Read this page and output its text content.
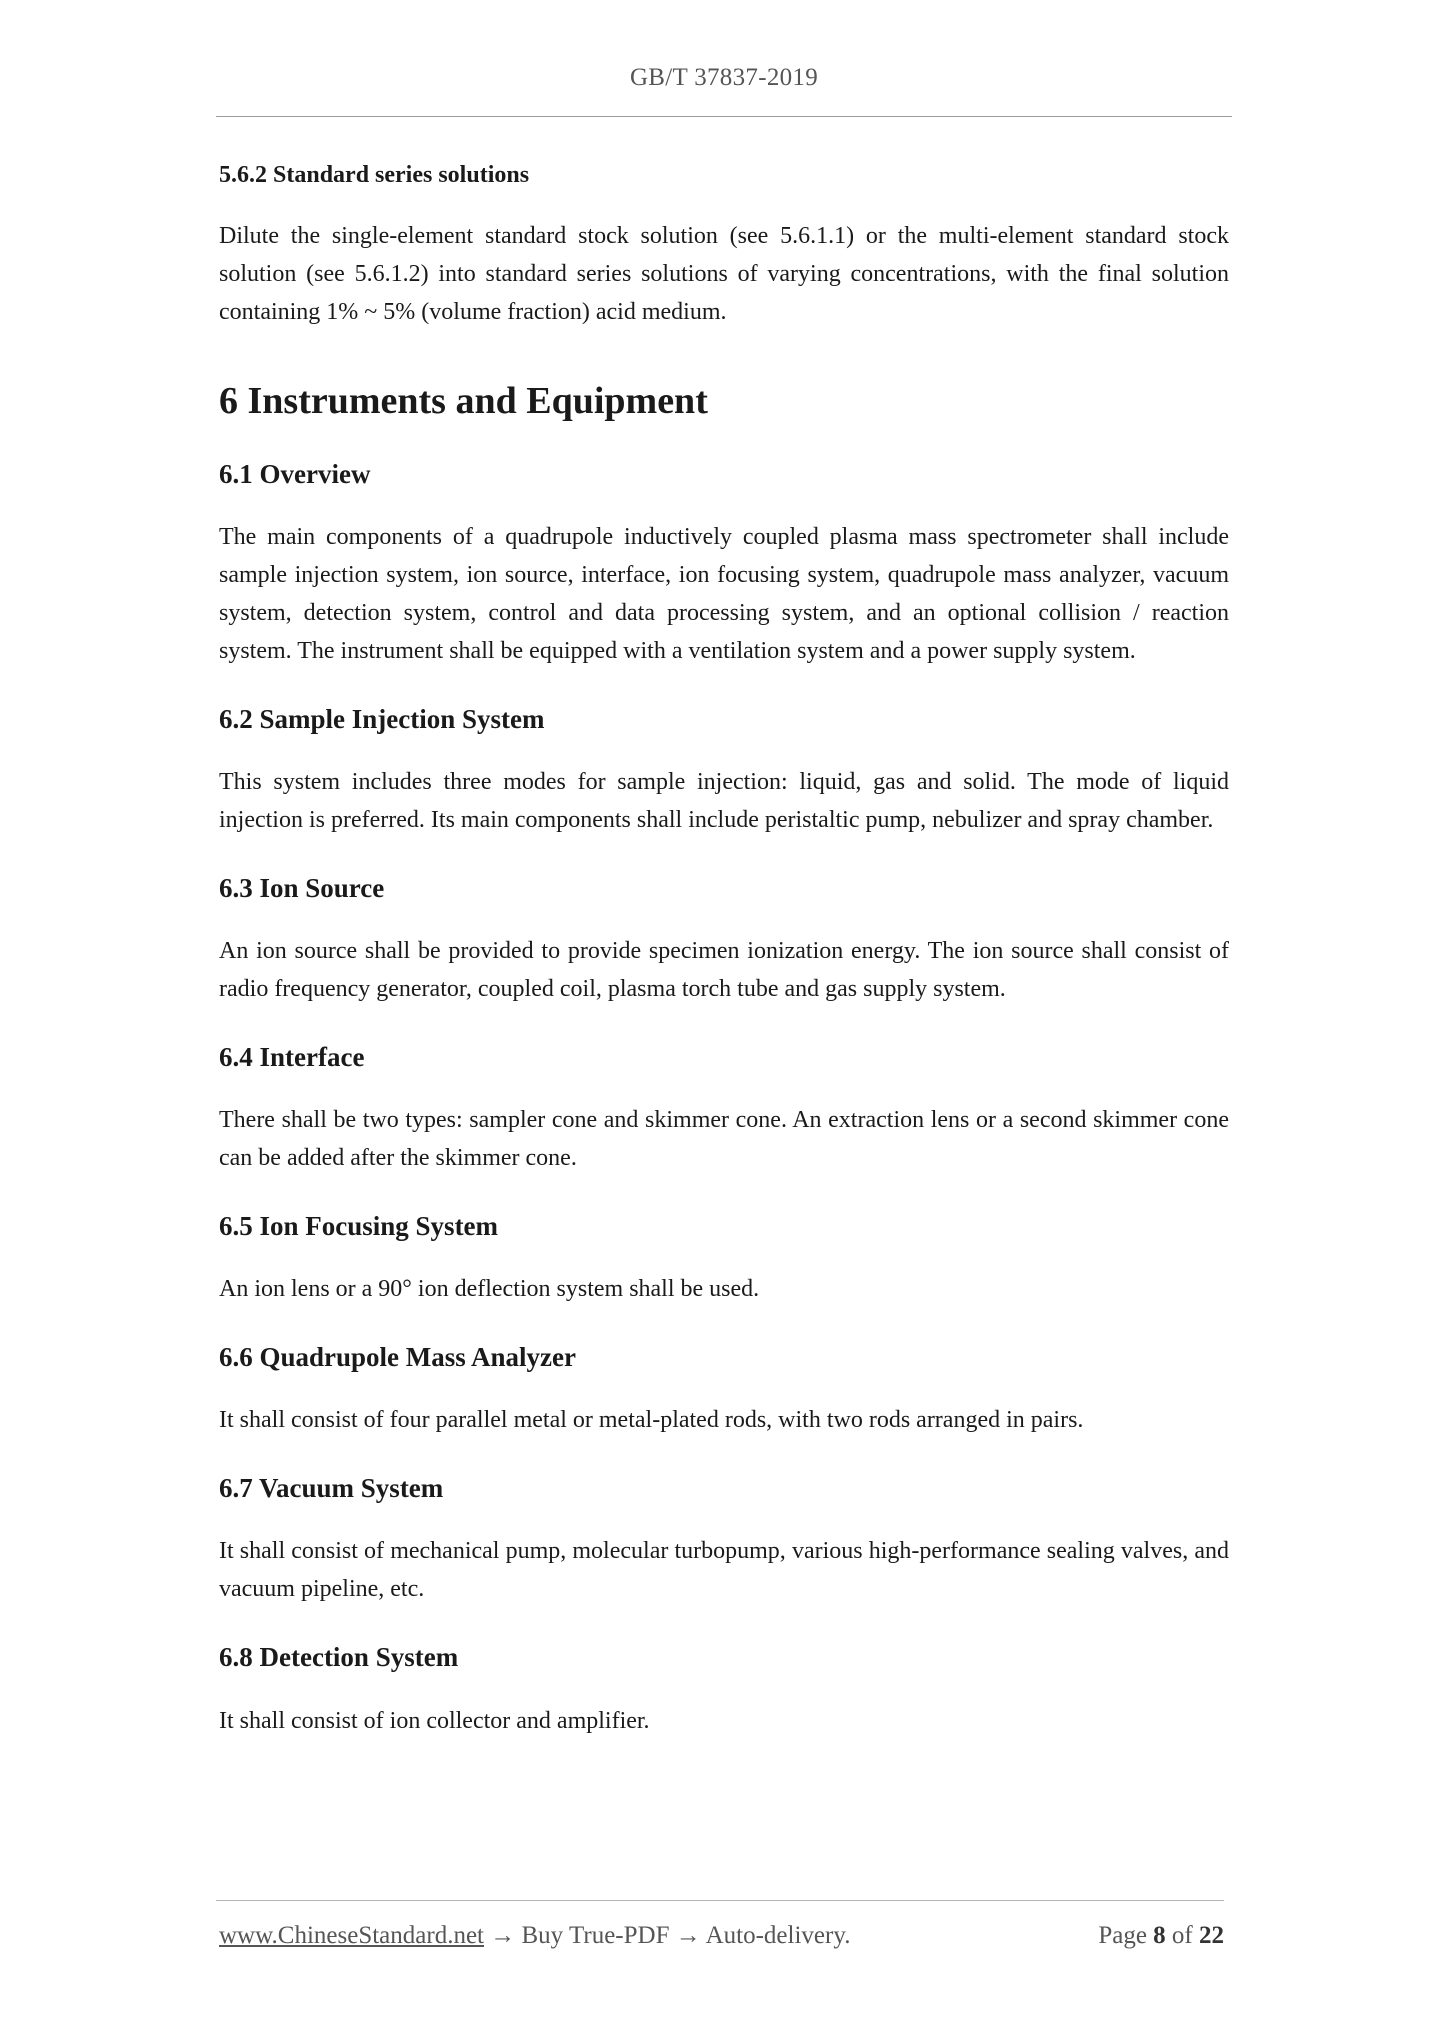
GB/T 37837-2019
5.6.2 Standard series solutions

Dilute the single-element standard stock solution (see 5.6.1.1) or the multi-element standard stock solution (see 5.6.1.2) into standard series solutions of varying concentrations, with the final solution containing 1% ~ 5% (volume fraction) acid medium.

6 Instruments and Equipment
6.1 Overview

The main components of a quadrupole inductively coupled plasma mass spectrometer shall include sample injection system, ion source, interface, ion focusing system, quadrupole mass analyzer, vacuum system, detection system, control and data processing system, and an optional collision / reaction system. The instrument shall be equipped with a ventilation system and a power supply system.

6.2 Sample Injection System

This system includes three modes for sample injection: liquid, gas and solid. The mode of liquid injection is preferred. Its main components shall include peristaltic pump, nebulizer and spray chamber.

6.3 Ion Source

An ion source shall be provided to provide specimen ionization energy. The ion source shall consist of radio frequency generator, coupled coil, plasma torch tube and gas supply system.

6.4 Interface

There shall be two types: sampler cone and skimmer cone. An extraction lens or a second skimmer cone can be added after the skimmer cone.

6.5 Ion Focusing System

An ion lens or a 90° ion deflection system shall be used.

6.6 Quadrupole Mass Analyzer

It shall consist of four parallel metal or metal-plated rods, with two rods arranged in pairs.

6.7 Vacuum System

It shall consist of mechanical pump, molecular turbopump, various high-performance sealing valves, and vacuum pipeline, etc.

6.8 Detection System

It shall consist of ion collector and amplifier.

www.ChineseStandard.net → Buy True-PDF → Auto-delivery.	Page 8 of 22
